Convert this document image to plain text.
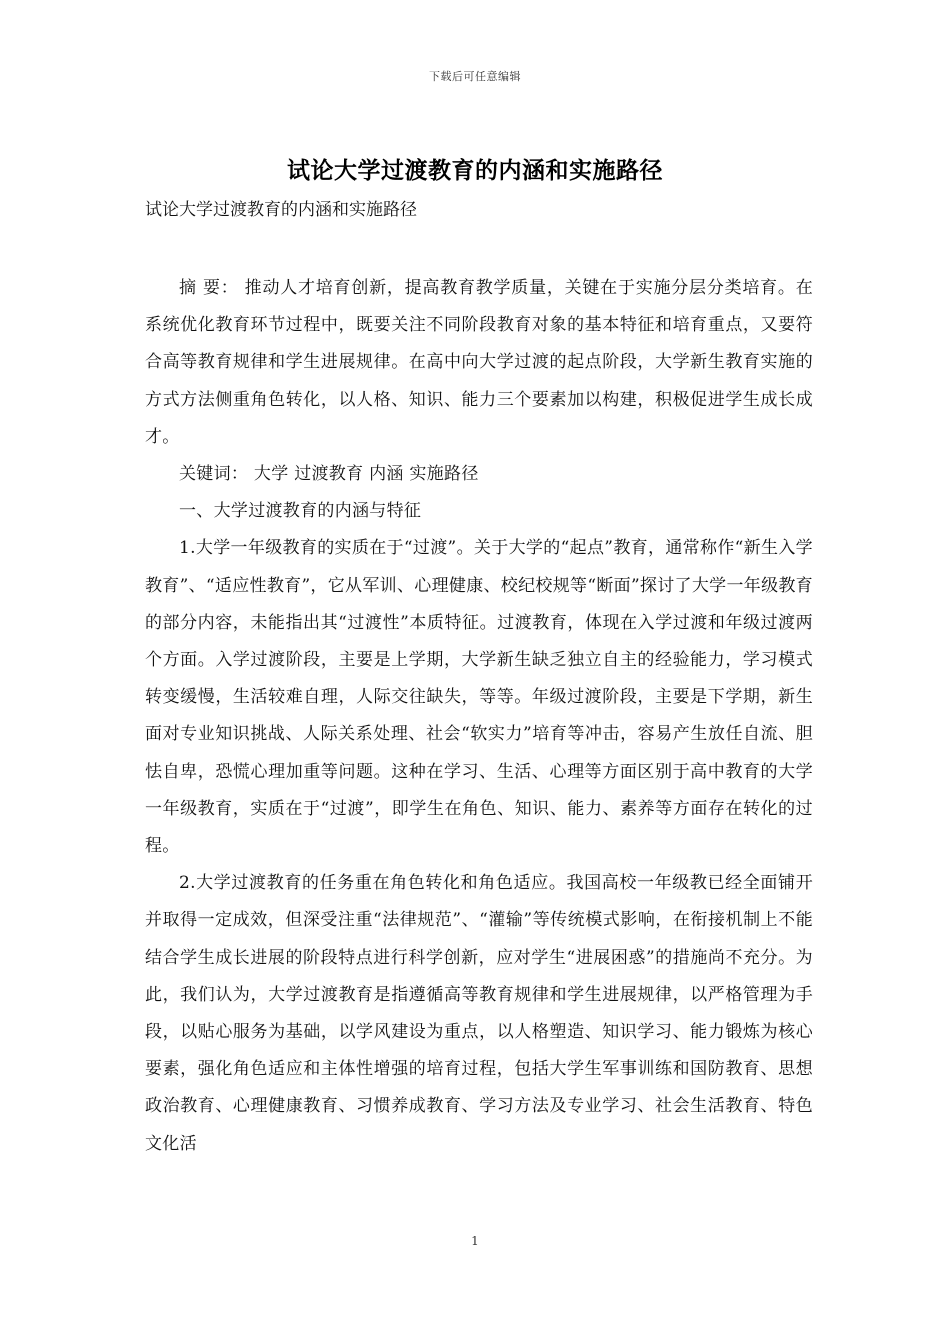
下载后可任意编辑
试论大学过渡教育的内涵和实施路径
试论大学过渡教育的内涵和实施路径

摘 要： 推动人才培育创新，提高教育教学质量，关键在于实施分层分类培育。在系统优化教育环节过程中，既要关注不同阶段教育对象的基本特征和培育重点，又要符合高等教育规律和学生进展规律。在高中向大学过渡的起点阶段，大学新生教育实施的方式方法侧重角色转化，以人格、知识、能力三个要素加以构建，积极促进学生成长成才。

关键词： 大学 过渡教育 内涵 实施路径

一、大学过渡教育的内涵与特征

1.大学一年级教育的实质在于“过渡”。关于大学的“起点”教育，通常称作“新生入学教育”、“适应性教育”，它从军训、心理健康、校纪校规等“断面”探讨了大学一年级教育的部分内容，未能指出其“过渡性”本质特征。过渡教育，体现在入学过渡和年级过渡两个方面。入学过渡阶段，主要是上学期，大学新生缺乏独立自主的经验能力，学习模式转变缓慢，生活较难自理，人际交往缺失，等等。年级过渡阶段，主要是下学期，新生面对专业知识挑战、人际关系处理、社会“软实力”培育等冲击，容易产生放任自流、胆怯自卑，恐慌心理加重等问题。这种在学习、生活、心理等方面区别于高中教育的大学一年级教育，实质在于“过渡”，即学生在角色、知识、能力、素养等方面存在转化的过程。

2.大学过渡教育的任务重在角色转化和角色适应。我国高校一年级教已经全面铺开并取得一定成效，但深受注重“法律规范”、“灌输”等传统模式影响，在衔接机制上不能结合学生成长进展的阶段特点进行科学创新，应对学生“进展困惑”的措施尚不充分。为此，我们认为，大学过渡教育是指遵循高等教育规律和学生进展规律，以严格管理为手段，以贴心服务为基础，以学风建设为重点，以人格塑造、知识学习、能力锻炼为核心要素，强化角色适应和主体性增强的培育过程，包括大学生军事训练和国防教育、思想政治教育、心理健康教育、习惯养成教育、学习方法及专业学习、社会生活教育、特色文化活

1
